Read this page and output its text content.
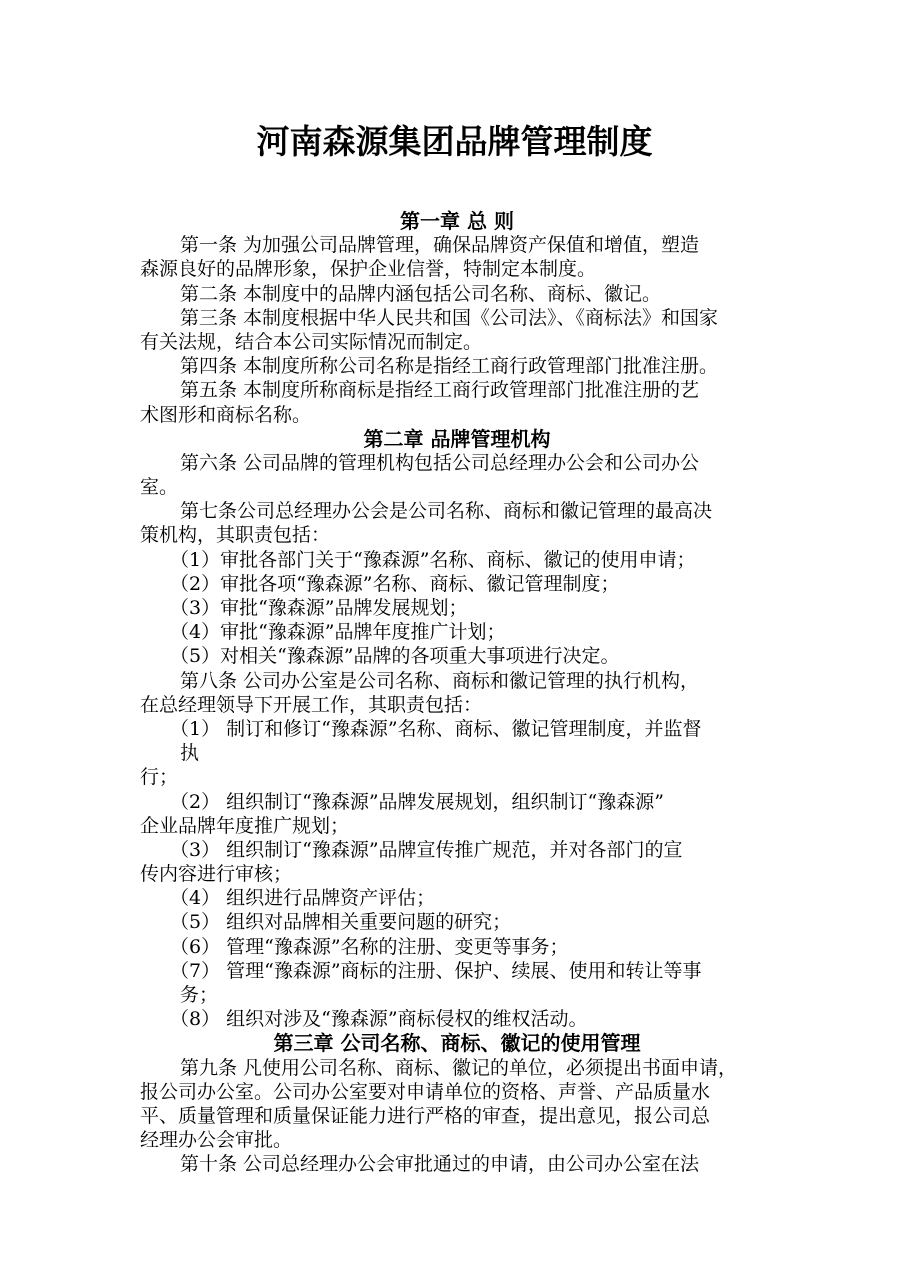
河南森源集团品牌管理制度
第一章 总 则
第一条 为加强公司品牌管理，确保品牌资产保值和增值，塑造
森源良好的品牌形象，保护企业信誉，特制定本制度。
第二条 本制度中的品牌内涵包括公司名称、商标、徽记。
第三条 本制度根据中华人民共和国《公司法》、《商标法》和国家
有关法规，结合本公司实际情况而制定。
第四条 本制度所称公司名称是指经工商行政管理部门批准注册。
第五条 本制度所称商标是指经工商行政管理部门批准注册的艺
术图形和商标名称。
第二章 品牌管理机构
第六条 公司品牌的管理机构包括公司总经理办公会和公司办公
室。
第七条公司总经理办公会是公司名称、商标和徽记管理的最高决
策机构，其职责包括：
（1）审批各部门关于“豫森源”名称、商标、徽记的使用申请；
（2）审批各项“豫森源”名称、商标、徽记管理制度；
（3）审批“豫森源”品牌发展规划；
（4）审批“豫森源”品牌年度推广计划；
（5）对相关“豫森源”品牌的各项重大事项进行决定。
第八条 公司办公室是公司名称、商标和徽记管理的执行机构，
在总经理领导下开展工作，其职责包括：
（1） 制订和修订“豫森源”名称、商标、徽记管理制度，并监督
执
行；
（2） 组织制订“豫森源”品牌发展规划，组织制订“豫森源”
企业品牌年度推广规划；
（3） 组织制订“豫森源”品牌宣传推广规范，并对各部门的宣
传内容进行审核；
（4） 组织进行品牌资产评估；
（5） 组织对品牌相关重要问题的研究；
（6） 管理“豫森源”名称的注册、变更等事务；
（7） 管理“豫森源”商标的注册、保护、续展、使用和转让等事
务；
（8） 组织对涉及“豫森源”商标侵权的维权活动。
第三章 公司名称、商标、徽记的使用管理
第九条 凡使用公司名称、商标、徽记的单位，必须提出书面申请，
报公司办公室。公司办公室要对申请单位的资格、声誉、产品质量水
平、质量管理和质量保证能力进行严格的审查，提出意见，报公司总
经理办公会审批。
第十条 公司总经理办公会审批通过的申请，由公司办公室在法
